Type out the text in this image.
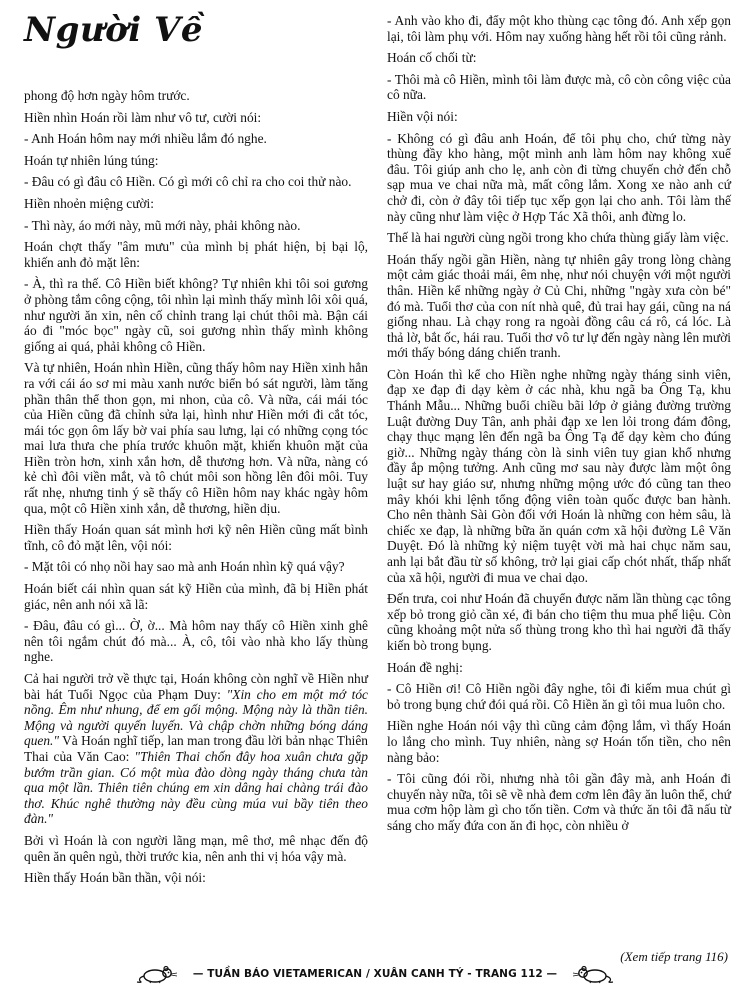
Người Về

phong độ hơn ngày hôm trước.

Hiền nhìn Hoán rồi làm như vô tư, cười nói:

- Anh Hoán hôm nay mới nhiều lắm đó nghe.

Hoán tự nhiên lúng túng:

- Đâu có gì đâu cô Hiền. Có gì mới cô chỉ ra cho coi thử nào.

Hiền nhoẻn miệng cười:

- Thì này, áo mới này, mũ mới này, phải không nào.

Hoán chợt thấy "âm mưu" của mình bị phát hiện, bị bại lộ, khiến anh đỏ mặt lên:

- À, thì ra thế. Cô Hiền biết không? Tự nhiên khi tôi soi gương ở phòng tắm công cộng, tôi nhìn lại mình thấy mình lôi xôi quá, như người ăn xin, nên cố chỉnh trang lại chút thôi mà. Bận cái áo đi "móc bọc" ngày cũ, soi gương nhìn thấy mình không giống ai quá, phải không cô Hiền.

Và tự nhiên, Hoán nhìn Hiền, cũng thấy hôm nay Hiền xinh hẳn ra với cái áo sơ mi màu xanh nước biển bó sát người, làm tăng phần thân thể thon gọn, mi nhon, của cô. Và nữa, cái mái tóc của Hiền cũng đã chỉnh sửa lại, hình như Hiền mới đi cắt tóc, mái tóc gọn ôm lấy bờ vai phía sau lưng, lại có những cọng tóc mai lưa thưa che phía trước khuôn mặt, khiến khuôn mặt của Hiền tròn hơn, xinh xắn hơn, dễ thương hơn. Và nữa, nàng có kẻ chì đôi viền mắt, và tô chút môi son hồng lên đôi môi. Tuy rất nhẹ, nhưng tinh ý sẽ thấy cô Hiền hôm nay khác ngày hôm qua, một cô Hiền xinh xắn, dễ thương, hiền dịu.

Hiền thấy Hoán quan sát mình hơi kỹ nên Hiền cũng mất bình tĩnh, cô đỏ mặt lên, vội nói:

- Mặt tôi có nhọ nồi hay sao mà anh Hoán nhìn kỹ quá vậy?

Hoán biết cái nhìn quan sát kỹ Hiền của mình, đã bị Hiền phát giác, nên anh nói xã lã:

- Đâu, đâu có gì... Ờ, ờ... Mà hôm nay thấy cô Hiền xinh ghê nên tôi ngắm chút đó mà... À, cô, tôi vào nhà kho lấy thùng nghe.

Cả hai người trở về thực tại, Hoán không còn nghĩ về Hiền như bài hát Tuổi Ngọc của Phạm Duy: "Xin cho em một mớ tóc nồng. Êm như nhung, để em gối mộng. Mộng này là thần tiên. Mộng và người quyến luyến. Và chập chờn những bóng dáng quen." Và Hoán nghĩ tiếp, lan man trong đầu lời bản nhạc Thiên Thai của Văn Cao: "Thiên Thai chốn đây hoa xuân chưa gặp bướm trần gian. Có một mùa đào dòng ngày tháng chưa tàn qua một lần. Thiên tiên chúng em xin dâng hai chàng trái đào thơ. Khúc nghê thường này đều cùng múa vui bầy tiên theo đàn."

Bởi vì Hoán là con người lãng mạn, mê thơ, mê nhạc đến độ quên ăn quên ngủ, thời trước kia, nên anh thi vị hóa vậy mà.

Hiền thấy Hoán bần thần, vội nói:

- Anh vào kho đi, đẩy một kho thùng cạc tông đó. Anh xếp gọn lại, tôi làm phụ với. Hôm nay xuống hàng hết rồi tôi cũng rảnh.

Hoán cố chối từ:

- Thôi mà cô Hiền, mình tôi làm được mà, cô còn công việc của cô nữa.

Hiền vội nói:

- Không có gì đâu anh Hoán, để tôi phụ cho, chứ từng này thùng đầy kho hàng, một mình anh làm hôm nay không xuể đâu. Tôi giúp anh cho lẹ, anh còn đi từng chuyến chở đến chỗ sạp mua ve chai nữa mà, mất công lắm. Xong xe nào anh cứ chở đi, còn ở đây tôi tiếp tục xếp gọn lại cho anh. Tôi làm thế này cũng như làm việc ở Hợp Tác Xã thôi, anh đừng lo.

Thế là hai người cùng ngồi trong kho chứa thùng giấy làm việc.

Hoán thấy ngồi gần Hiền, nàng tự nhiên gây trong lòng chàng một cảm giác thoải mái, êm nhẹ, như nói chuyện với một người thân. Hiền kể những ngày ở Củ Chi, những "ngày xưa còn bé" đó mà. Tuổi thơ của con nít nhà quê, đủ trai hay gái, cũng na ná giống nhau. Là chạy rong ra ngoài đồng câu cá rô, cá lóc. Là thả lờ, bắt ốc, hái rau. Tuổi thơ vô tư lự đến ngày nàng lên mười mới thấy bóng dáng chiến tranh.

Còn Hoán thì kể cho Hiền nghe những ngày tháng sinh viên, đạp xe đạp đi dạy kèm ở các nhà, khu ngã ba Ông Tạ, khu Thánh Mẫu... Những buổi chiều bãi lớp ở giảng đường trường Luật đường Duy Tân, anh phải đạp xe len lỏi trong đám đông, chạy thục mạng lên đến ngã ba Ông Tạ để dạy kèm cho đúng giờ... Những ngày tháng còn là sinh viên tuy gian khổ nhưng đầy ắp mộng tưởng. Anh cũng mơ sau này được làm một ông luật sư hay giáo sư, nhưng những mộng ước đó cũng tan theo mây khói khi lệnh tổng động viên toàn quốc được ban hành. Cho nên thành Sài Gòn đối với Hoán là những con hẻm sâu, là chiếc xe đạp, là những bữa ăn quán cơm xã hội đường Lê Văn Duyệt. Đó là những kỷ niệm tuyệt vời mà hai chục năm sau, anh lại bắt đầu từ số không, trở lại giai cấp chót nhất, thấp nhất của xã hội, người đi mua ve chai dạo.

Đến trưa, coi như Hoán đã chuyển được năm lần thùng cạc tông xếp bỏ trong giỏ cần xé, đi bán cho tiệm thu mua phế liệu. Còn cũng khoảng một nửa số thùng trong kho thì hai người đã thấy kiến bò trong bụng.

Hoán đề nghị:

- Cô Hiền ơi! Cô Hiền ngồi đây nghe, tôi đi kiếm mua chút gì bỏ trong bụng chứ đói quá rồi. Cô Hiền ăn gì tôi mua luôn cho.

Hiền nghe Hoán nói vậy thì cũng cảm động lắm, vì thấy Hoán lo lắng cho mình. Tuy nhiên, nàng sợ Hoán tốn tiền, cho nên nàng bảo:

- Tôi cũng đói rồi, nhưng nhà tôi gần đây mà, anh Hoán đi chuyến này nữa, tôi sẽ về nhà đem cơm lên đây ăn luôn thể, chứ mua cơm hộp làm gì cho tốn tiền. Cơm và thức ăn tôi đã nấu từ sáng cho mấy đứa con ăn đi học, còn nhiều ở

(Xem tiếp trang 116)
— TUẦN BÁO VIETAMERICAN / XUÂN CANH TÝ - TRANG 112 —
